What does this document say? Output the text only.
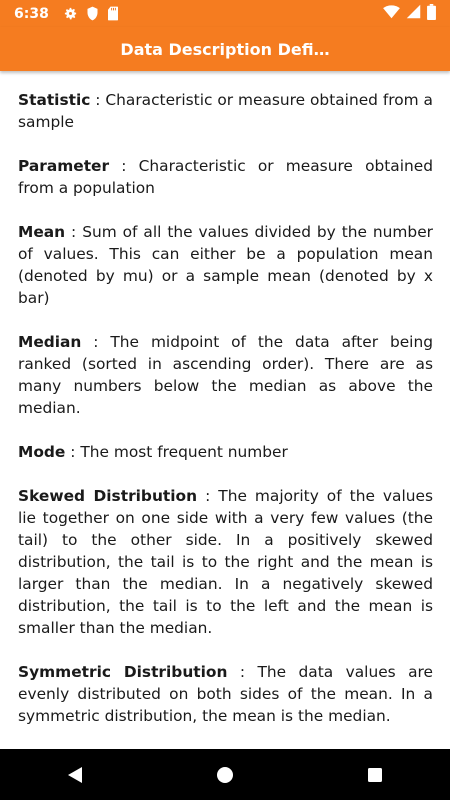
6:38
Data Description Defi…

Statistic : Characteristic or measure obtained from a sample

Parameter : Characteristic or measure obtained from a population

Mean : Sum of all the values divided by the number of values. This can either be a population mean (denoted by mu) or a sample mean (denoted by x bar)

Median : The midpoint of the data after being ranked (sorted in ascending order). There are as many numbers below the median as above the median.

Mode : The most frequent number

Skewed Distribution : The majority of the values lie together on one side with a very few values (the tail) to the other side. In a positively skewed distribution, the tail is to the right and the mean is larger than the median. In a negatively skewed distribution, the tail is to the left and the mean is smaller than the median.

Symmetric Distribution : The data values are evenly distributed on both sides of the mean. In a symmetric distribution, the mean is the median.
